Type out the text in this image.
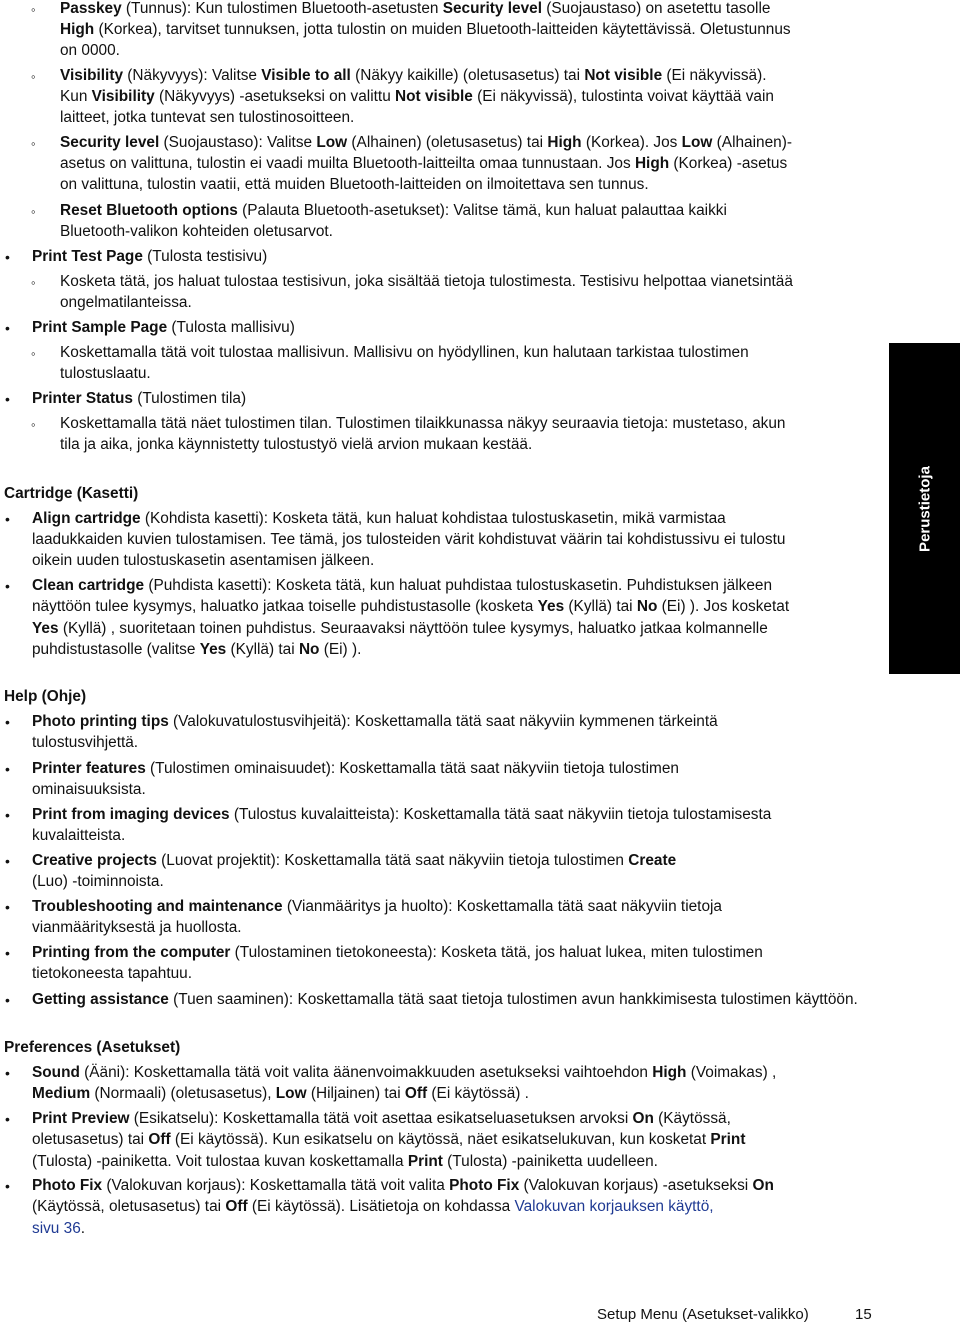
◦ Passkey (Tunnus): Kun tulostimen Bluetooth-asetusten Security level (Suojaustaso) on asetettu tasolle
High (Korkea), tarvitset tunnuksen, jotta tulostin on muiden Bluetooth-laitteiden käytettävissä. Oletustunnus
on 0000.
◦ Visibility (Näkyvyys): Valitse Visible to all (Näkyy kaikille) (oletusasetus) tai Not visible (Ei näkyvissä).
Kun Visibility (Näkyvyys) -asetukseksi on valittu Not visible (Ei näkyvissä), tulostinta voivat käyttää vain
laitteet, jotka tuntevat sen tulostinosoitteen.
◦ Security level (Suojaustaso): Valitse Low (Alhainen) (oletusasetus) tai High (Korkea). Jos Low (Alhainen)-
asetus on valittuna, tulostin ei vaadi muilta Bluetooth-laitteilta omaa tunnustaan. Jos High (Korkea) -asetus
on valittuna, tulostin vaatii, että muiden Bluetooth-laitteiden on ilmoitettava sen tunnus.
◦ Reset Bluetooth options (Palauta Bluetooth-asetukset): Valitse tämä, kun haluat palauttaa kaikki
Bluetooth-valikon kohteiden oletusarvot.
• Print Test Page (Tulosta testisivu)
◦ Kosketa tätä, jos haluat tulostaa testisivun, joka sisältää tietoja tulostimesta. Testisivu helpottaa vianetsintää
ongelmatilanteissa.
• Print Sample Page (Tulosta mallisivu)
◦ Koskettamalla tätä voit tulostaa mallisivun. Mallisivu on hyödyllinen, kun halutaan tarkistaa tulostimen
tulostuslaatu.
• Printer Status (Tulostimen tila)
◦ Koskettamalla tätä näet tulostimen tilan. Tulostimen tilaikkunassa näkyy seuraavia tietoja: mustetaso, akun
tila ja aika, jonka käynnistetty tulostustyö vielä arvion mukaan kestää.
Cartridge (Kasetti)
• Align cartridge (Kohdista kasetti): Kosketa tätä, kun haluat kohdistaa tulostuskasetin, mikä varmistaa
laadukkaiden kuvien tulostamisen. Tee tämä, jos tulosteiden värit kohdistuvat väärin tai kohdistussivu ei tulostu
oikein uuden tulostuskasetin asentamisen jälkeen.
• Clean cartridge (Puhdista kasetti): Kosketa tätä, kun haluat puhdistaa tulostuskasetin. Puhdistuksen jälkeen
näyttöön tulee kysymys, haluatko jatkaa toiselle puhdistustasolle (kosketa Yes (Kyllä) tai No (Ei) ). Jos kosketat
Yes (Kyllä) , suoritetaan toinen puhdistus. Seuraavaksi näyttöön tulee kysymys, haluatko jatkaa kolmannelle
puhdistustasolle (valitse Yes (Kyllä) tai No (Ei) ).
Help (Ohje)
• Photo printing tips (Valokuvatulostusvihjeitä): Koskettamalla tätä saat näkyviin kymmenen tärkeintä
tulostusvihjettä.
• Printer features (Tulostimen ominaisuudet): Koskettamalla tätä saat näkyviin tietoja tulostimen
ominaisuuksista.
• Print from imaging devices (Tulostus kuvalaitteista): Koskettamalla tätä saat näkyviin tietoja tulostamisesta
kuvalaitteista.
• Creative projects (Luovat projektit): Koskettamalla tätä saat näkyviin tietoja tulostimen Create
(Luo) -toiminnoista.
• Troubleshooting and maintenance (Vianmääritys ja huolto): Koskettamalla tätä saat näkyviin tietoja
vianmäärityksestä ja huollosta.
• Printing from the computer (Tulostaminen tietokoneesta): Kosketa tätä, jos haluat lukea, miten tulostimen
tietokoneesta tapahtuu.
• Getting assistance (Tuen saaminen): Koskettamalla tätä saat tietoja tulostimen avun hankkimisesta tulostimen käyttöön.
Preferences (Asetukset)
• Sound (Ääni): Koskettamalla tätä voit valita äänenvoimakkuuden asetukseksi vaihtoehdon High (Voimakas) ,
Medium (Normaali) (oletusasetus), Low (Hiljainen) tai Off (Ei käytössä) .
• Print Preview (Esikatselu): Koskettamalla tätä voit asettaa esikatseluasetuksen arvoksi On (Käytössä,
oletusasetus) tai Off (Ei käytössä). Kun esikatselu on käytössä, näet esikatselukuvan, kun kosketat Print
(Tulosta) -painiketta. Voit tulostaa kuvan koskettamalla Print (Tulosta) -painiketta uudelleen.
• Photo Fix (Valokuvan korjaus): Koskettamalla tätä voit valita Photo Fix (Valokuvan korjaus) -asetukseksi On
(Käytössä, oletusasetus) tai Off (Ei käytössä). Lisätietoja on kohdassa Valokuvan korjauksen käyttö,
sivu 36.
Perustietoja
Setup Menu (Asetukset-valikko)	15
